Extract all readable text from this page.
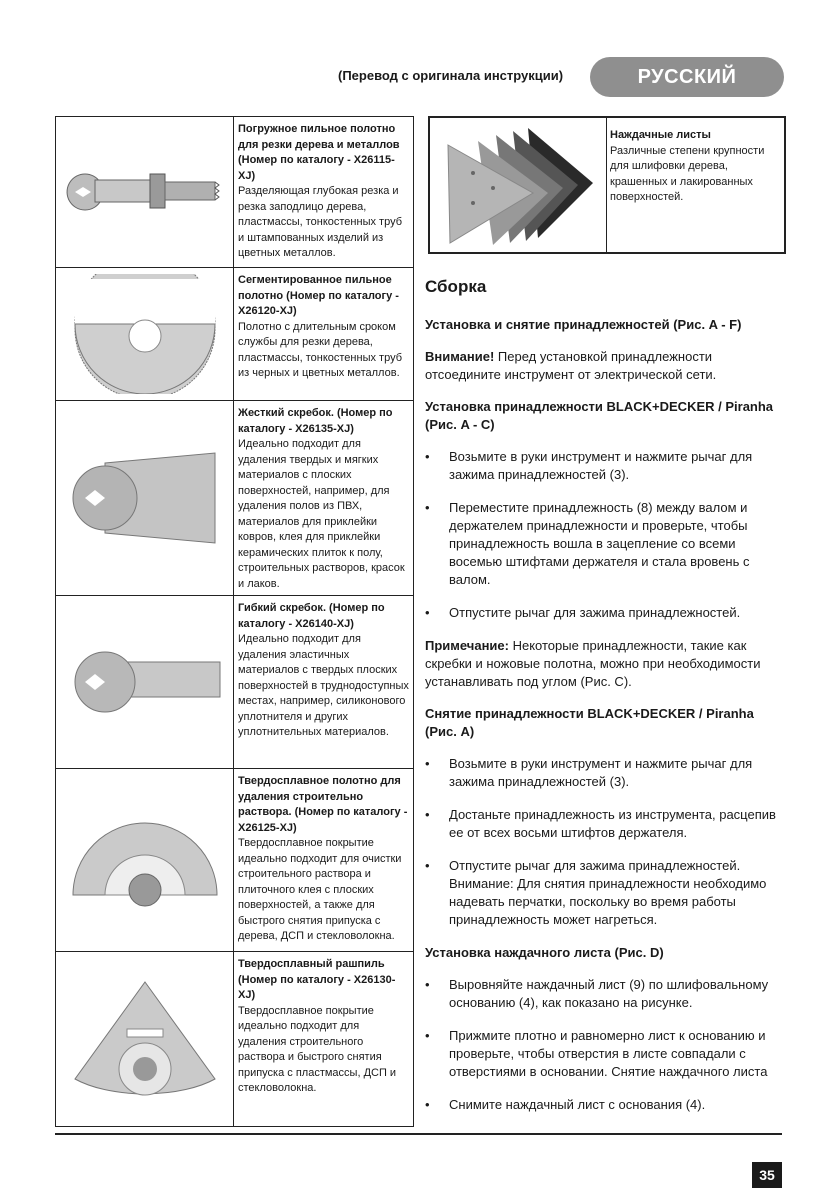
(Перевод с оригинала инструкции)	РУССКИЙ
Погружное пильное полотно для резки дерева и металлов (Номер по каталогу - X26115-XJ)
Разделяющая глубокая резка и резка заподлицо дерева, пластмассы, тонкостенных труб и штампованных изделий из цветных металлов.
Сегментированное пильное полотно (Номер по каталогу - X26120-XJ)
Полотно с длительным сроком службы для резки дерева, пластмассы, тонкостенных труб из черных и цветных металлов.
Жесткий скребок. (Номер по каталогу - X26135-XJ)
Идеально подходит для удаления твердых и мягких материалов с плоских поверхностей, например, для удаления полов из ПВХ, материалов для приклейки ковров, клея для приклейки керамических плиток к полу, строительных растворов, красок и лаков.
Гибкий скребок. (Номер по каталогу - X26140-XJ)
Идеально подходит для удаления эластичных материалов с твердых плоских поверхностей в труднодоступных местах, например, силиконового уплотнителя и других уплотнительных материалов.
Твердосплавное полотно для удаления строительно раствора. (Номер по каталогу - X26125-XJ)
Твердосплавное покрытие идеально подходит для очистки строительного раствора и плиточного клея с плоских поверхностей, а также для быстрого снятия припуска с дерева, ДСП и стекловолокна.
Твердосплавный рашпиль (Номер по каталогу - X26130-XJ)
Твердосплавное покрытие идеально подходит для удаления строительного раствора и быстрого снятия припуска с пластмассы, ДСП и стекловолокна.
Наждачные листы
Различные степени крупности для шлифовки дерева, крашенных и лакированных поверхностей.
Сборка
Установка и снятие принадлежностей (Рис. A - F)
Внимание! Перед установкой принадлежности отсоедините инструмент от электрической сети.
Установка принадлежности BLACK+DECKER / Piranha (Рис. A - C)
• Возьмите в руки инструмент и нажмите рычаг для зажима принадлежностей (3).
• Переместите принадлежность (8) между валом и держателем принадлежности и проверьте, чтобы принадлежность вошла в зацепление со всеми восемью штифтами держателя и стала вровень с валом.
• Отпустите рычаг для зажима принадлежностей.
Примечание: Некоторые принадлежности, такие как скребки и ножовые полотна, можно при необходимости устанавливать под углом (Рис. C).
Снятие принадлежности BLACK+DECKER / Piranha (Рис. A)
• Возьмите в руки инструмент и нажмите рычаг для зажима принадлежностей (3).
• Достаньте принадлежность из инструмента, расцепив ее от всех восьми штифтов держателя.
• Отпустите рычаг для зажима принадлежностей. Внимание: Для снятия принадлежности необходимо надевать перчатки, поскольку во время работы принадлежность может нагреться.
Установка наждачного листа (Рис. D)
• Выровняйте наждачный лист (9) по шлифовальному основанию (4), как показано на рисунке.
• Прижмите плотно и равномерно лист к основанию и проверьте, чтобы отверстия в листе совпадали с отверстиями в основании. Снятие наждачного листа
• Снимите наждачный лист с основания (4).
35
